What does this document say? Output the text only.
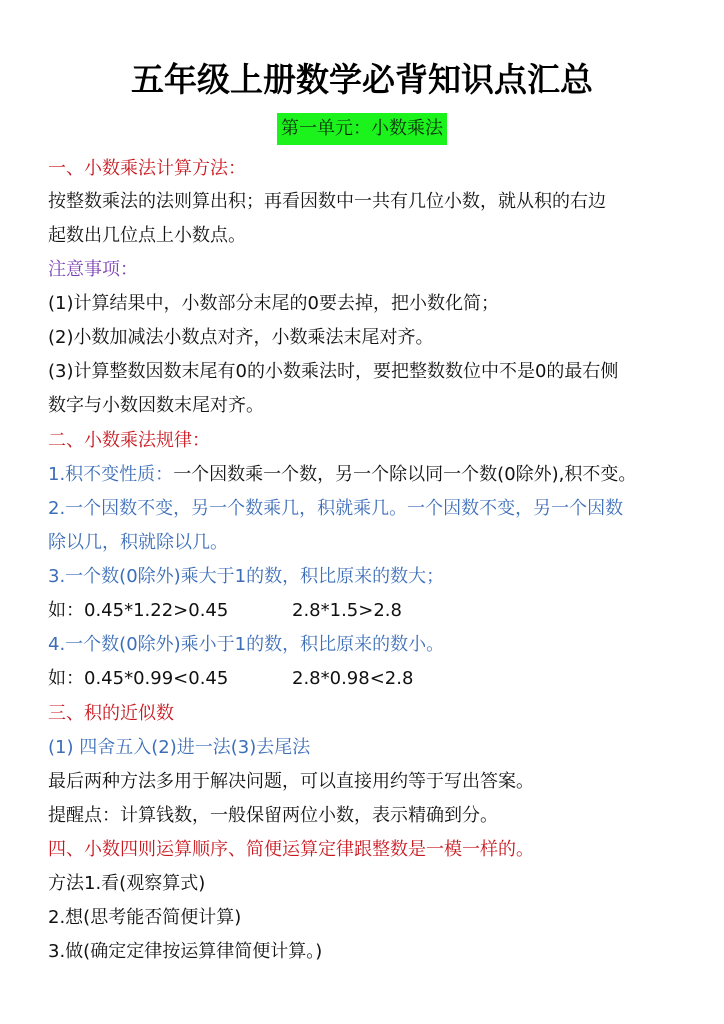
五年级上册数学必背知识点汇总
第一单元：小数乘法
一、小数乘法计算方法：
按整数乘法的法则算出积；再看因数中一共有几位小数，就从积的右边
起数出几位点上小数点。
注意事项：
(1)计算结果中，小数部分末尾的0要去掉，把小数化简；
(2)小数加减法小数点对齐，小数乘法末尾对齐。
(3)计算整数因数末尾有0的小数乘法时，要把整数数位中不是0的最右侧
数字与小数因数末尾对齐。
二、小数乘法规律：
1.积不变性质：一个因数乘一个数，另一个除以同一个数(0除外),积不变。
2.一个因数不变，另一个数乘几，积就乘几。一个因数不变，另一个因数
除以几，积就除以几。
3.一个数(0除外)乘大于1的数，积比原来的数大；
如：0.45*1.22>0.45	2.8*1.5>2.8
4.一个数(0除外)乘小于1的数，积比原来的数小。
如：0.45*0.99<0.45	2.8*0.98<2.8
三、积的近似数
(1) 四舍五入(2)进一法(3)去尾法
最后两种方法多用于解决问题，可以直接用约等于写出答案。
提醒点：计算钱数，一般保留两位小数，表示精确到分。
四、小数四则运算顺序、简便运算定律跟整数是一模一样的。
方法1.看(观察算式)
2.想(思考能否简便计算)
3.做(确定定律按运算律简便计算。)
